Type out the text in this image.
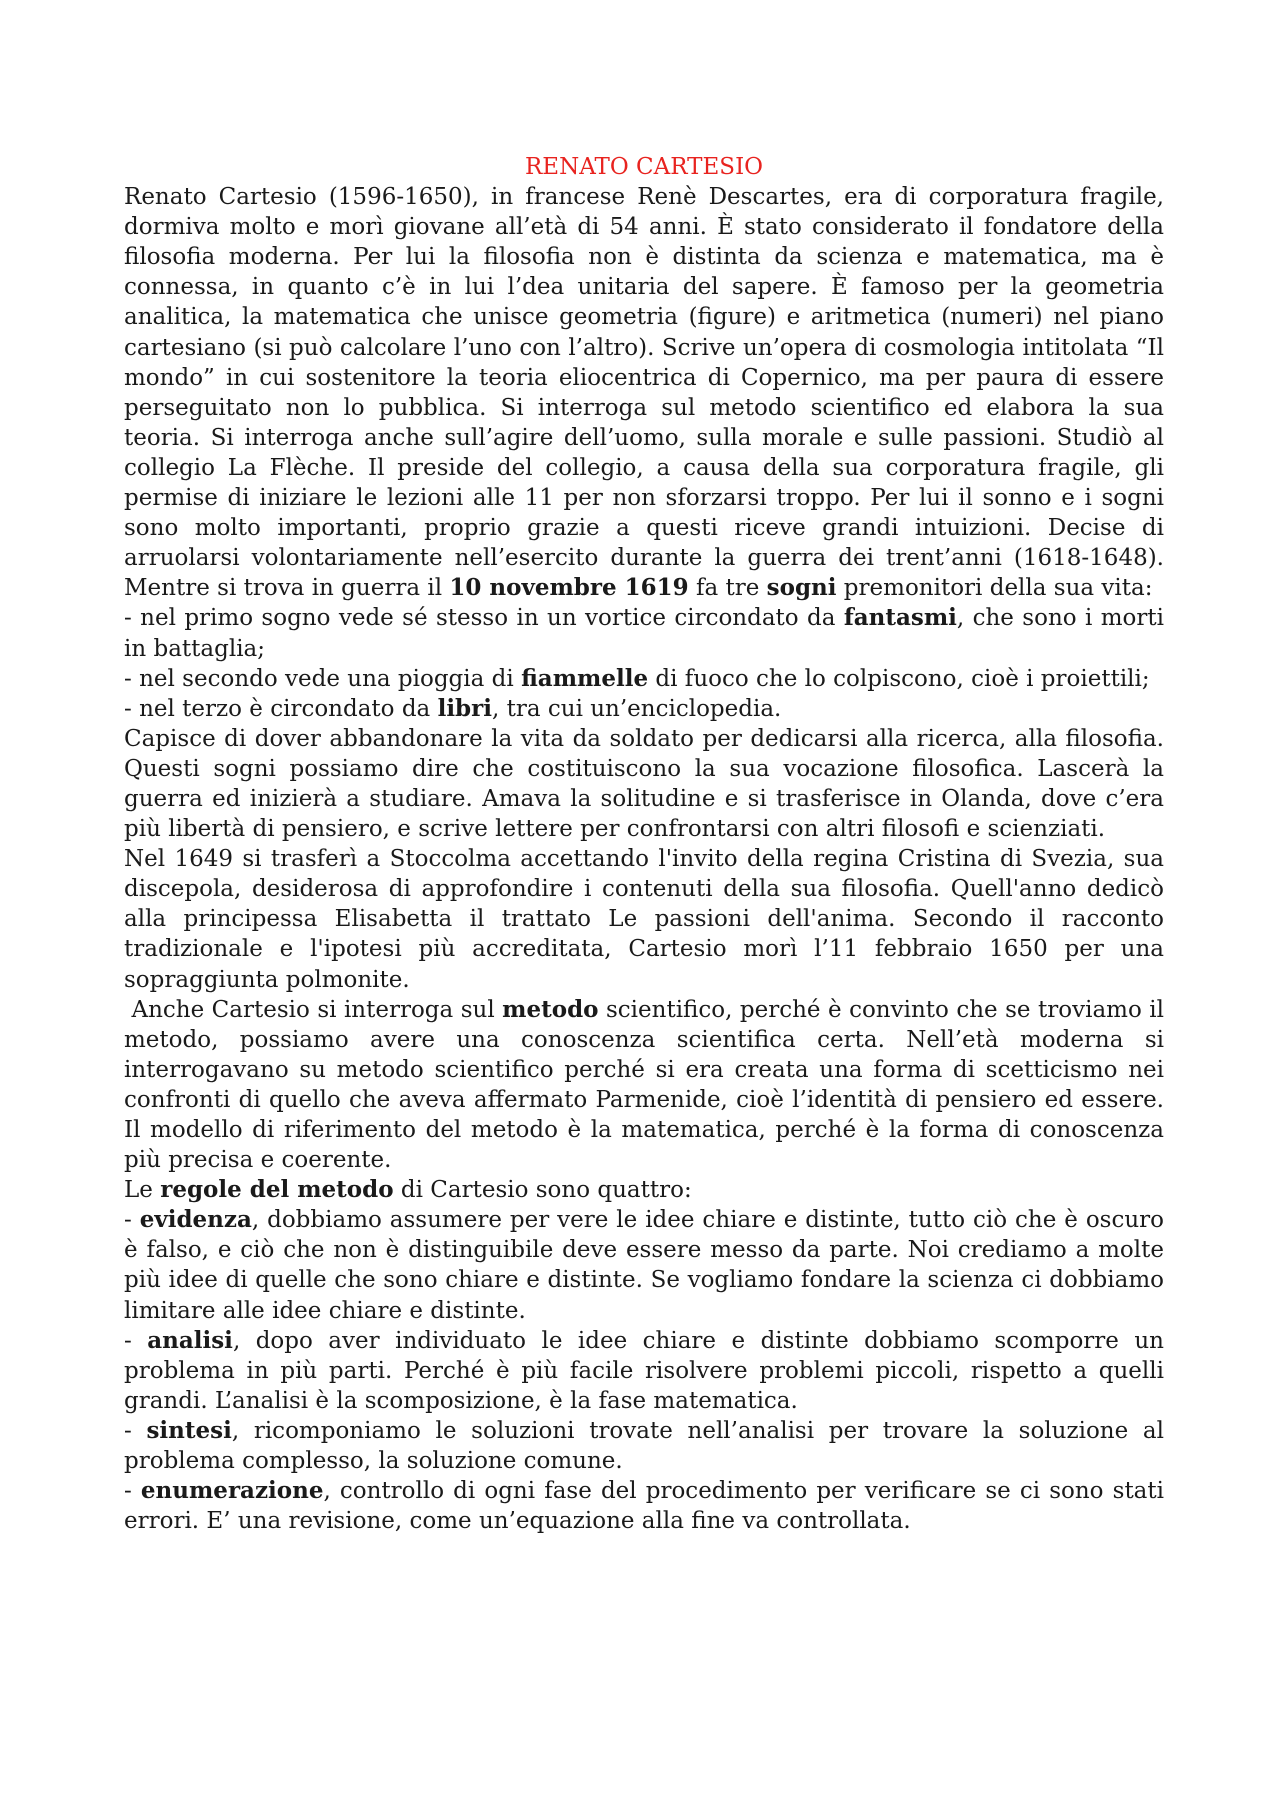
RENATO CARTESIO

Renato Cartesio (1596-1650), in francese Renè Descartes, era di corporatura fragile, dormiva molto e morì giovane all’età di 54 anni. È stato considerato il fondatore della filosofia moderna. Per lui la filosofia non è distinta da scienza e matematica, ma è connessa, in quanto c’è in lui l’dea unitaria del sapere. È famoso per la geometria analitica, la matematica che unisce geometria (figure) e aritmetica (numeri) nel piano cartesiano (si può calcolare l’uno con l’altro). Scrive un’opera di cosmologia intitolata “Il mondo” in cui sostenitore la teoria eliocentrica di Copernico, ma per paura di essere perseguitato non lo pubblica. Si interroga sul metodo scientifico ed elabora la sua teoria. Si interroga anche sull’agire dell’uomo, sulla morale e sulle passioni. Studiò al collegio La Flèche. Il preside del collegio, a causa della sua corporatura fragile, gli permise di iniziare le lezioni alle 11 per non sforzarsi troppo. Per lui il sonno e i sogni sono molto importanti, proprio grazie a questi riceve grandi intuizioni. Decise di arruolarsi volontariamente nell’esercito durante la guerra dei trent’anni (1618-1648). Mentre si trova in guerra il 10 novembre 1619 fa tre sogni premonitori della sua vita:

- nel primo sogno vede sé stesso in un vortice circondato da fantasmi, che sono i morti in battaglia;

- nel secondo vede una pioggia di fiammelle di fuoco che lo colpiscono, cioè i proiettili;

- nel terzo è circondato da libri, tra cui un’enciclopedia.

Capisce di dover abbandonare la vita da soldato per dedicarsi alla ricerca, alla filosofia. Questi sogni possiamo dire che costituiscono la sua vocazione filosofica. Lascerà la guerra ed inizierà a studiare. Amava la solitudine e si trasferisce in Olanda, dove c’era più libertà di pensiero, e scrive lettere per confrontarsi con altri filosofi e scienziati.

Nel 1649 si trasferì a Stoccolma accettando l'invito della regina Cristina di Svezia, sua discepola, desiderosa di approfondire i contenuti della sua filosofia. Quell'anno dedicò alla principessa Elisabetta il trattato Le passioni dell'anima. Secondo il racconto tradizionale e l'ipotesi più accreditata, Cartesio morì l’11 febbraio 1650 per una sopraggiunta polmonite.

Anche Cartesio si interroga sul metodo scientifico, perché è convinto che se troviamo il metodo, possiamo avere una conoscenza scientifica certa. Nell’età moderna si interrogavano su metodo scientifico perché si era creata una forma di scetticismo nei confronti di quello che aveva affermato Parmenide, cioè l’identità di pensiero ed essere. Il modello di riferimento del metodo è la matematica, perché è la forma di conoscenza più precisa e coerente.

Le regole del metodo di Cartesio sono quattro:

- evidenza, dobbiamo assumere per vere le idee chiare e distinte, tutto ciò che è oscuro è falso, e ciò che non è distinguibile deve essere messo da parte. Noi crediamo a molte più idee di quelle che sono chiare e distinte. Se vogliamo fondare la scienza ci dobbiamo limitare alle idee chiare e distinte.

- analisi, dopo aver individuato le idee chiare e distinte dobbiamo scomporre un problema in più parti. Perché è più facile risolvere problemi piccoli, rispetto a quelli grandi. L’analisi è la scomposizione, è la fase matematica.

- sintesi, ricomponiamo le soluzioni trovate nell’analisi per trovare la soluzione al problema complesso, la soluzione comune.

- enumerazione, controllo di ogni fase del procedimento per verificare se ci sono stati errori. E’ una revisione, come un’equazione alla fine va controllata.
